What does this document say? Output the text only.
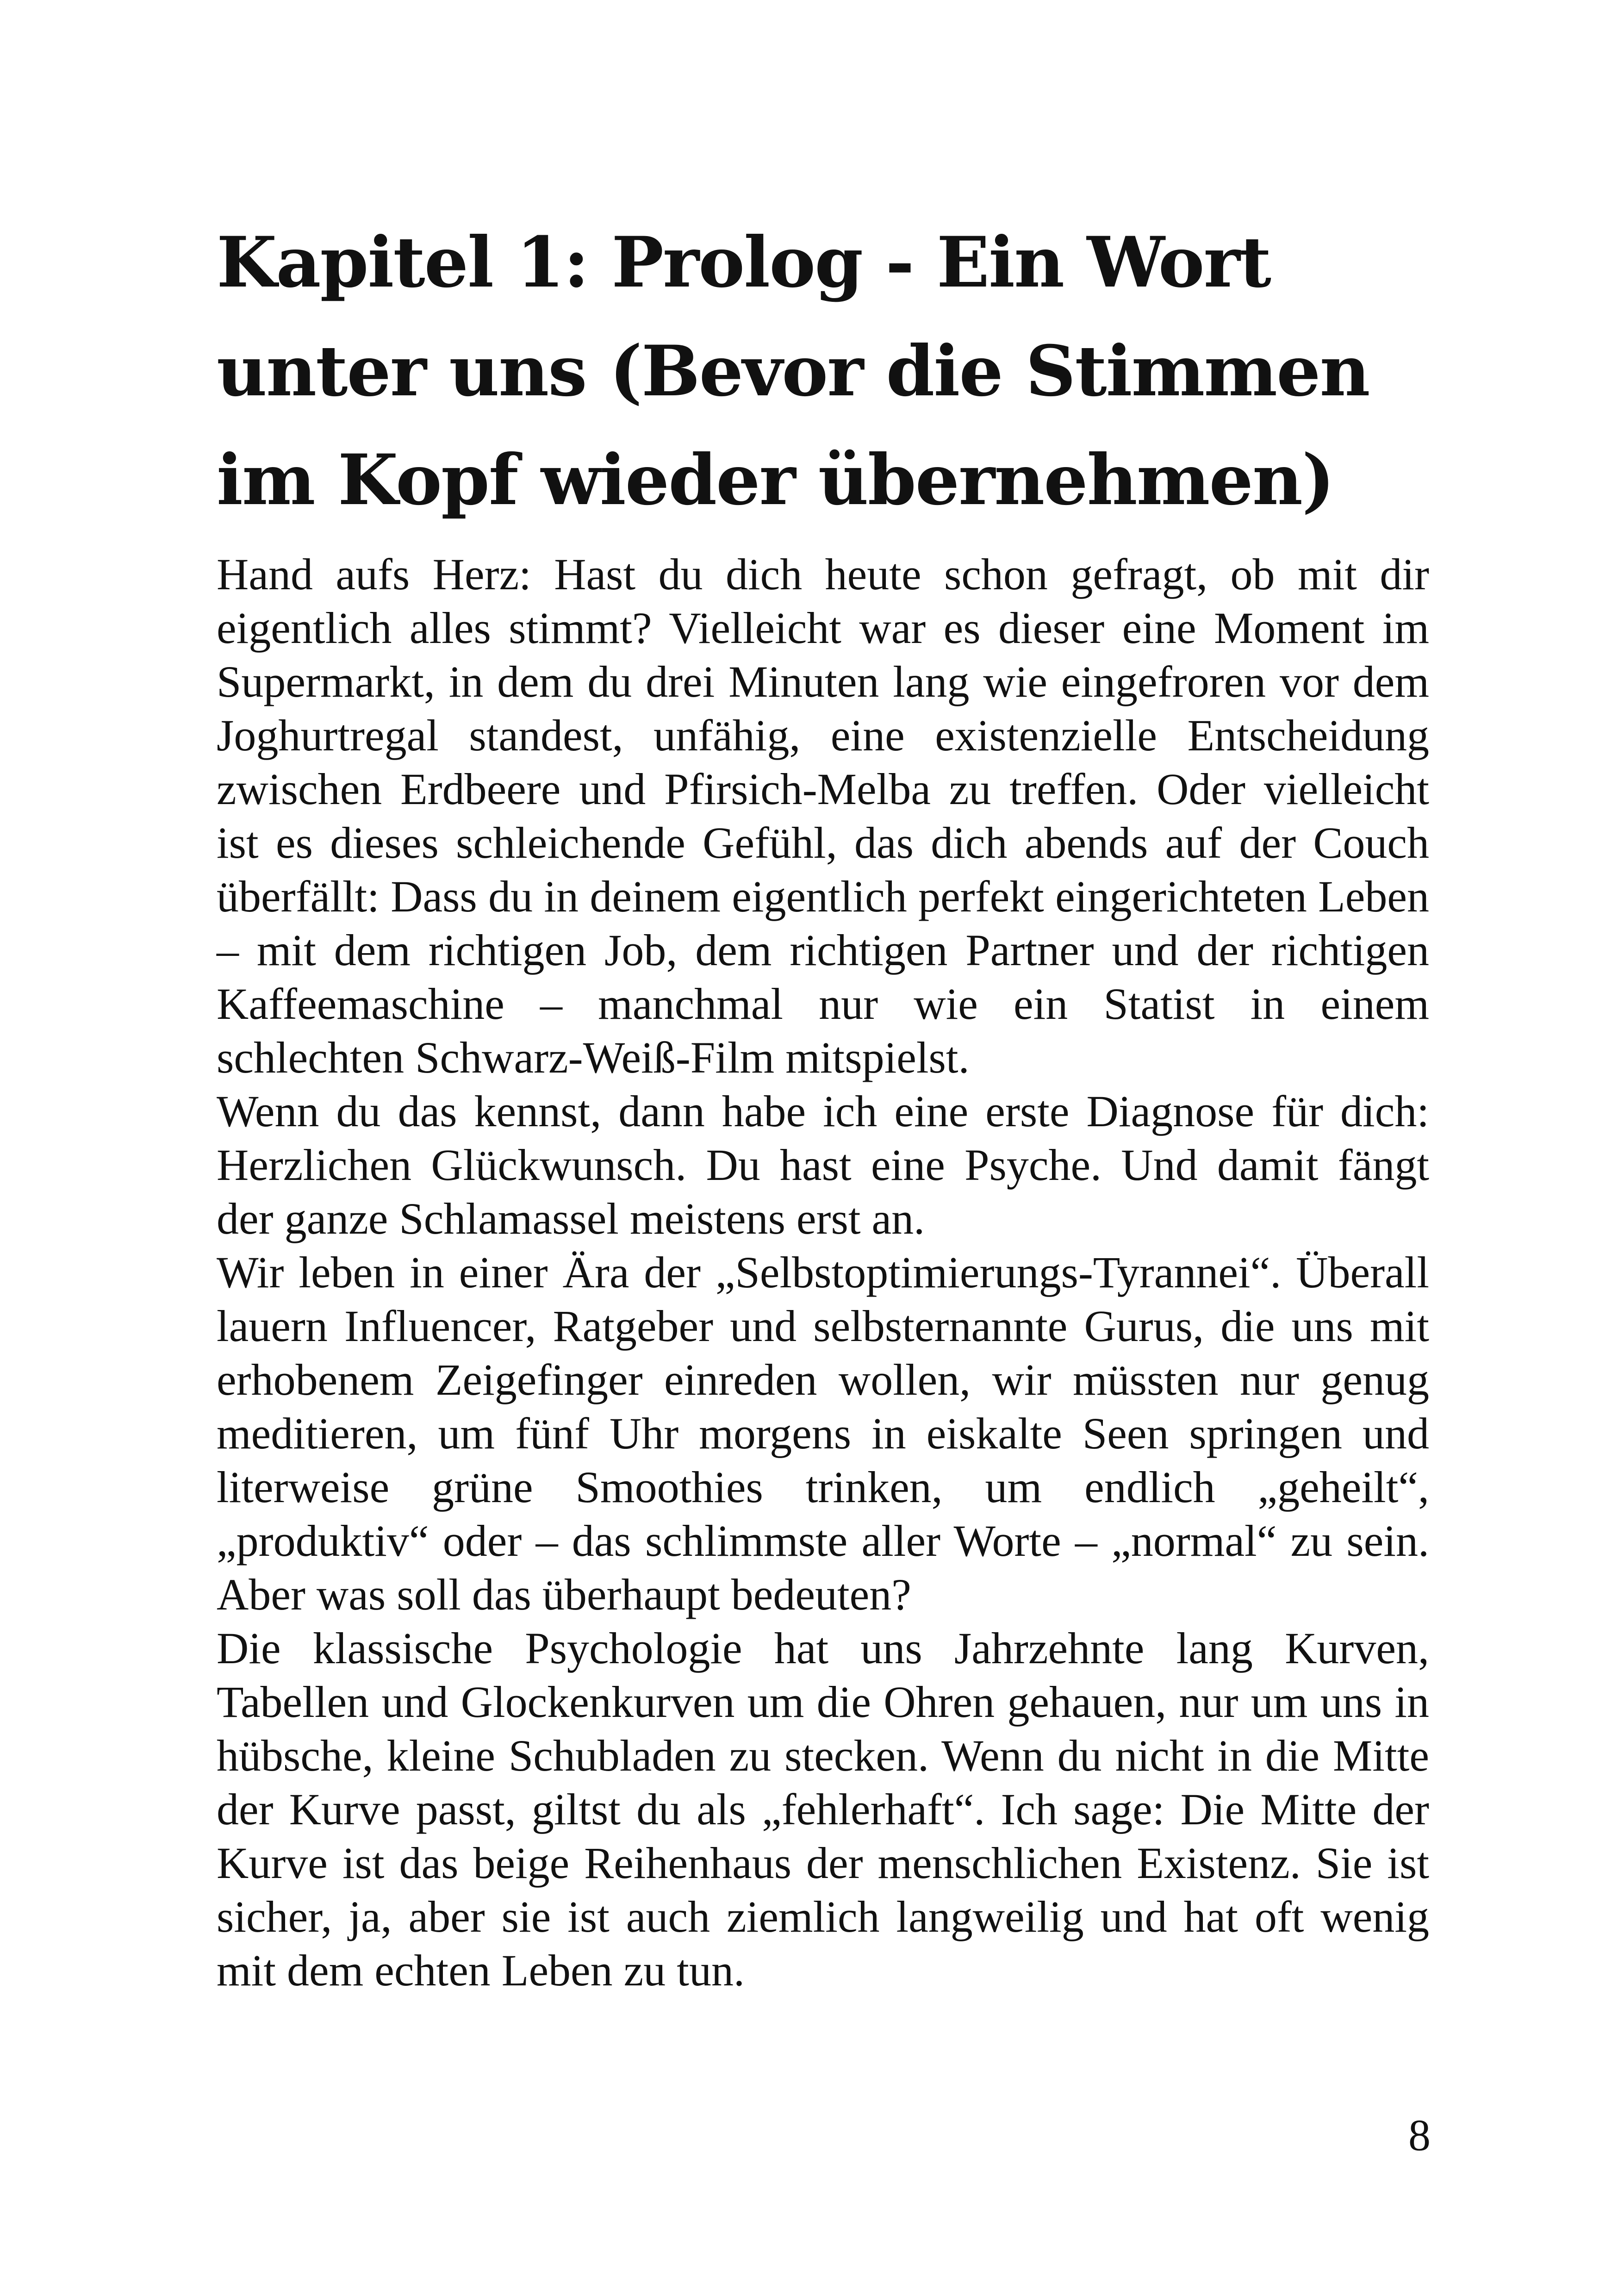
Kapitel 1: Prolog - Ein Wort unter uns (Bevor die Stimmen im Kopf wieder übernehmen)

Hand aufs Herz: Hast du dich heute schon gefragt, ob mit dir eigentlich alles stimmt? Vielleicht war es dieser eine Moment im Supermarkt, in dem du drei Minuten lang wie eingefroren vor dem Joghurtregal standest, unfähig, eine existenzielle Entscheidung zwischen Erdbeere und Pfirsich-Melba zu treffen. Oder vielleicht ist es dieses schleichende Gefühl, das dich abends auf der Couch überfällt: Dass du in deinem eigentlich perfekt eingerichteten Leben – mit dem richtigen Job, dem richtigen Partner und der richtigen Kaffeemaschine – manchmal nur wie ein Statist in einem schlechten Schwarz-Weiß-Film mitspielst.

Wenn du das kennst, dann habe ich eine erste Diagnose für dich: Herzlichen Glückwunsch. Du hast eine Psyche. Und damit fängt der ganze Schlamassel meistens erst an.

Wir leben in einer Ära der „Selbstoptimierungs-Tyrannei“. Überall lauern Influencer, Ratgeber und selbsternannte Gurus, die uns mit erhobenem Zeigefinger einreden wollen, wir müssten nur genug meditieren, um fünf Uhr morgens in eiskalte Seen springen und literweise grüne Smoothies trinken, um endlich „geheilt“, „produktiv“ oder – das schlimmste aller Worte – „normal“ zu sein. Aber was soll das überhaupt bedeuten?

Die klassische Psychologie hat uns Jahrzehnte lang Kurven, Tabellen und Glockenkurven um die Ohren gehauen, nur um uns in hübsche, kleine Schubladen zu stecken. Wenn du nicht in die Mitte der Kurve passt, giltst du als „fehlerhaft“. Ich sage: Die Mitte der Kurve ist das beige Reihenhaus der menschlichen Existenz. Sie ist sicher, ja, aber sie ist auch ziemlich langweilig und hat oft wenig mit dem echten Leben zu tun.

8
